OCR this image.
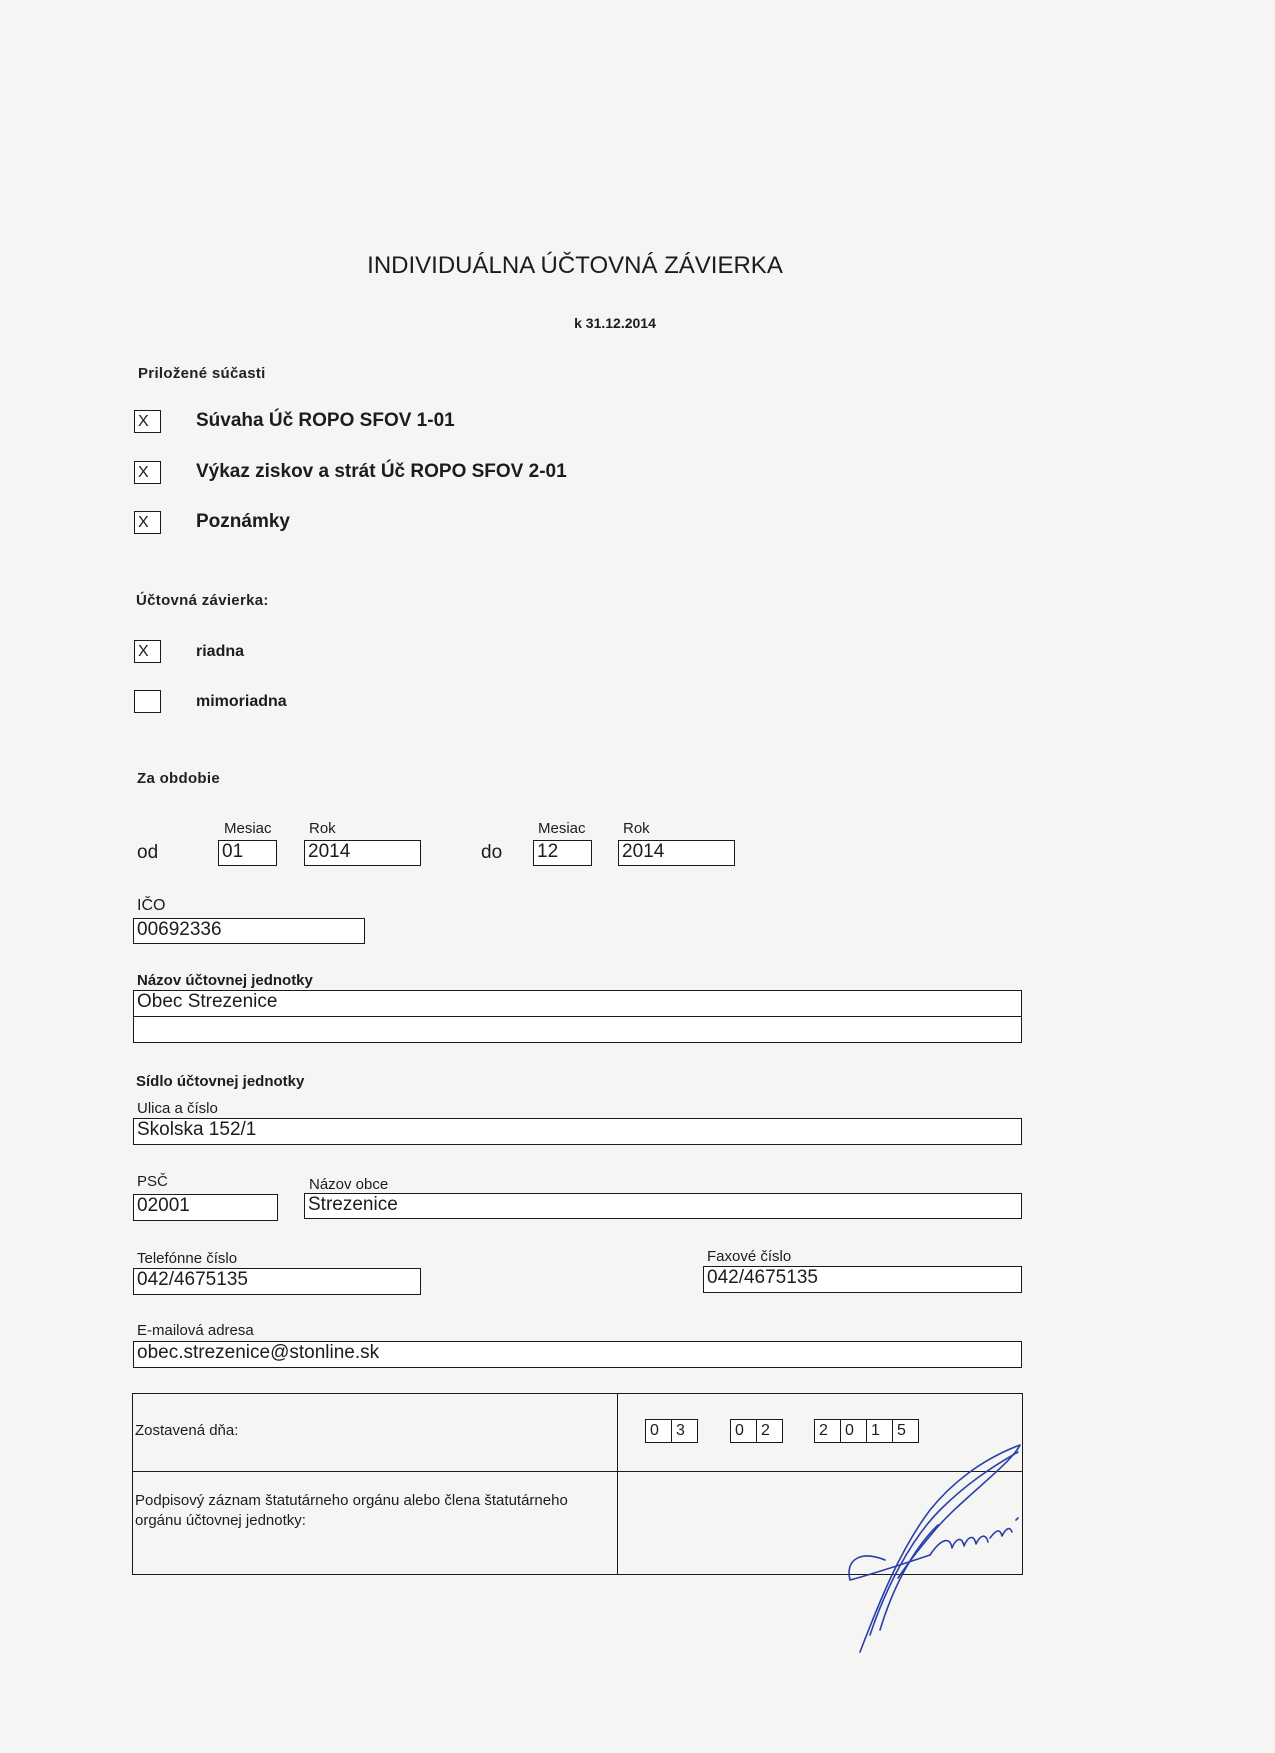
INDIVIDUÁLNA ÚČTOVNÁ ZÁVIERKA
k 31.12.2014
Priložené súčasti
X	Súvaha Úč ROPO SFOV 1-01
X	Výkaz ziskov a strát Úč ROPO SFOV 2-01
X	Poznámky
Účtovná závierka:
X	riadna
mimoriadna
Za obdobie
Mesiac Rok	Mesiac Rok
od	01	2014	do 12	2014
IČO
00692336
Názov účtovnej jednotky
Obec Strezenice
Sídlo účtovnej jednotky
Ulica a číslo
Skolska 152/1
PSČ
02001
Názov obce
Strezenice
Telefónne číslo
042/4675135
Faxové číslo
042/4675135
E-mailová adresa
obec.strezenice@stonline.sk
Zostavená dňa:	0	3	0	2	2	0	1	5
Podpisový záznam štatutárneho orgánu alebo člena štatutárneho orgánu účtovnej jednotky:
